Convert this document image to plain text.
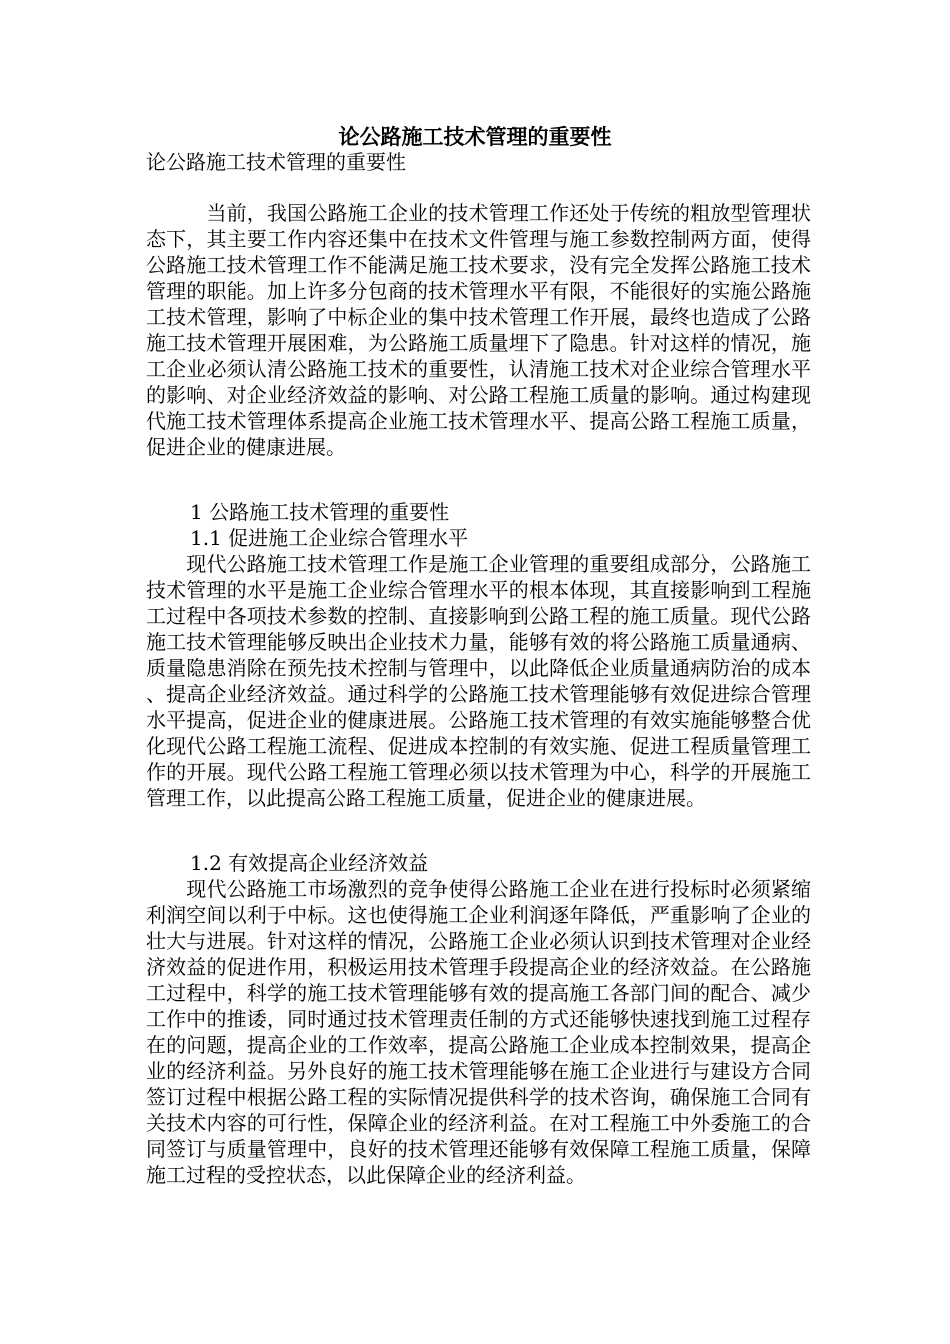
论公路施工技术管理的重要性
论公路施工技术管理的重要性

　　　当前，我国公路施工企业的技术管理工作还处于传统的粗放型管理状态下，其主要工作内容还集中在技术文件管理与施工参数控制两方面，使得公路施工技术管理工作不能满足施工技术要求，没有完全发挥公路施工技术管理的职能。加上许多分包商的技术管理水平有限，不能很好的实施公路施工技术管理，影响了中标企业的集中技术管理工作开展，最终也造成了公路施工技术管理开展困难，为公路施工质量埋下了隐患。针对这样的情况，施工企业必须认清公路施工技术的重要性，认清施工技术对企业综合管理水平的影响、对企业经济效益的影响、对公路工程施工质量的影响。通过构建现代施工技术管理体系提高企业施工技术管理水平、提高公路工程施工质量，促进企业的健康进展。

1 公路施工技术管理的重要性
1.1 促进施工企业综合管理水平

　　现代公路施工技术管理工作是施工企业管理的重要组成部分，公路施工技术管理的水平是施工企业综合管理水平的根本体现，其直接影响到工程施工过程中各项技术参数的控制、直接影响到公路工程的施工质量。现代公路施工技术管理能够反映出企业技术力量，能够有效的将公路施工质量通病、质量隐患消除在预先技术控制与管理中，以此降低企业质量通病防治的成本、提高企业经济效益。通过科学的公路施工技术管理能够有效促进综合管理水平提高，促进企业的健康进展。公路施工技术管理的有效实施能够整合优化现代公路工程施工流程、促进成本控制的有效实施、促进工程质量管理工作的开展。现代公路工程施工管理必须以技术管理为中心，科学的开展施工管理工作，以此提高公路工程施工质量，促进企业的健康进展。

1.2 有效提高企业经济效益

　　现代公路施工市场激烈的竞争使得公路施工企业在进行投标时必须紧缩利润空间以利于中标。这也使得施工企业利润逐年降低，严重影响了企业的壮大与进展。针对这样的情况，公路施工企业必须认识到技术管理对企业经济效益的促进作用，积极运用技术管理手段提高企业的经济效益。在公路施工过程中，科学的施工技术管理能够有效的提高施工各部门间的配合、减少工作中的推诿，同时通过技术管理责任制的方式还能够快速找到施工过程存在的问题，提高企业的工作效率，提高公路施工企业成本控制效果，提高企业的经济利益。另外良好的施工技术管理能够在施工企业进行与建设方合同签订过程中根据公路工程的实际情况提供科学的技术咨询，确保施工合同有关技术内容的可行性，保障企业的经济利益。在对工程施工中外委施工的合同签订与质量管理中，良好的技术管理还能够有效保障工程施工质量，保障施工过程的受控状态，以此保障企业的经济利益。
